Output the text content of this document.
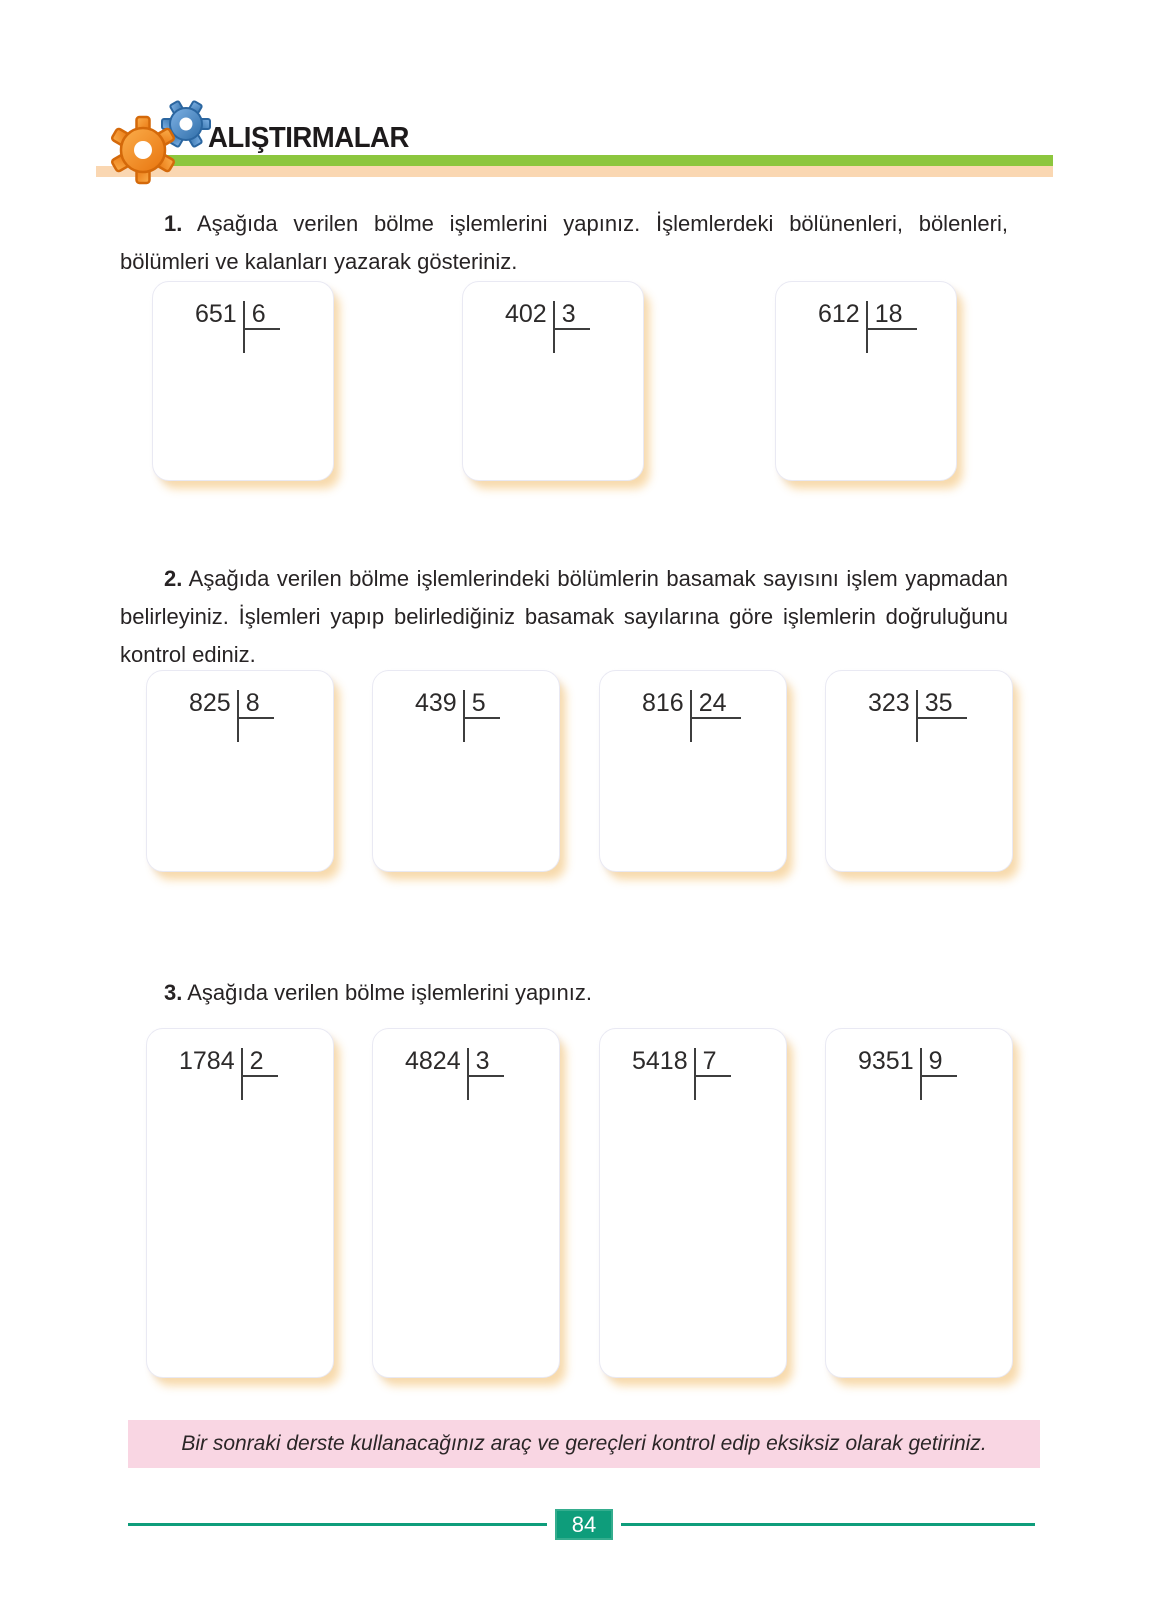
ALIŞTIRMALAR

1. Aşağıda verilen bölme işlemlerini yapınız. İşlemlerdeki bölünenleri, bölenleri, bölümleri ve kalanları yazarak gösteriniz.

651 6	402 3	612 18

2. Aşağıda verilen bölme işlemlerindeki bölümlerin basamak sayısını işlem yapmadan belirleyiniz. İşlemleri yapıp belirlediğiniz basamak sayılarına göre işlemlerin doğruluğunu kontrol ediniz.

825 8	439 5	816 24	323 35

3. Aşağıda verilen bölme işlemlerini yapınız.

1784 2	4824 3	5418 7	9351 9
Bir sonraki derste kullanacağınız araç ve gereçleri kontrol edip eksiksiz olarak getiriniz.
84
